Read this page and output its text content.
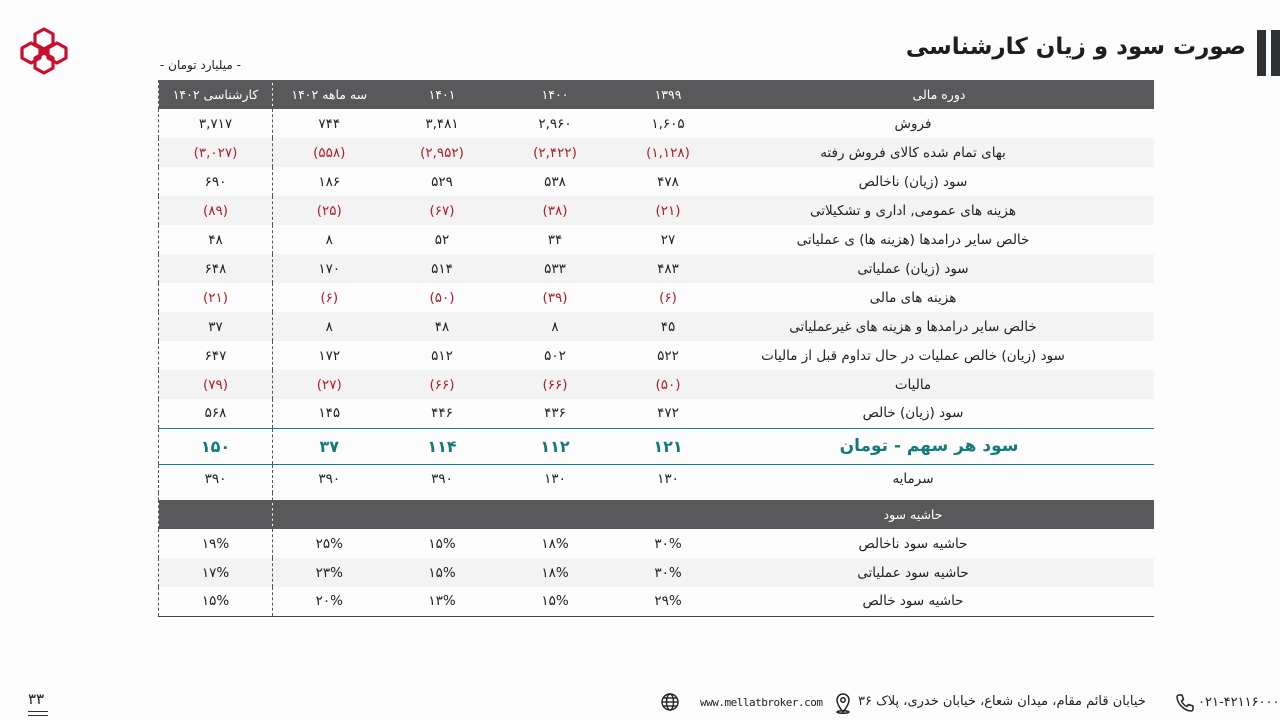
صورت سود و زیان کارشناسی
- میلیارد تومان -
کارشناسی ۱۴۰۲	سه ماهه ۱۴۰۲	۱۴۰۱	۱۴۰۰	۱۳۹۹	دوره مالی
۳,۷۱۷	۷۴۴	۳,۴۸۱	۲,۹۶۰	۱,۶۰۵	فروش
(۳,۰۲۷)	(۵۵۸)	(۲,۹۵۲)	(۲,۴۲۲)	(۱,۱۲۸)	بهای تمام شده کالای فروش رفته
۶۹۰	۱۸۶	۵۲۹	۵۳۸	۴۷۸	سود (زیان) ناخالص
(۸۹)	(۲۵)	(۶۷)	(۳۸)	(۲۱)	هزینه های عمومی, اداری و تشکیلاتی
۴۸	۸	۵۲	۳۴	۲۷	خالص سایر درامدها (هزینه ها) ی عملیاتی
۶۴۸	۱۷۰	۵۱۴	۵۳۳	۴۸۳	سود (زیان) عملیاتی
(۲۱)	(۶)	(۵۰)	(۳۹)	(۶)	هزینه های مالی
۳۷	۸	۴۸	۸	۴۵	خالص سایر درامدها و هزینه های غیرعملیاتی
۶۴۷	۱۷۲	۵۱۲	۵۰۲	۵۲۲	سود (زیان) خالص عملیات در حال تداوم قبل از مالیات
(۷۹)	(۲۷)	(۶۶)	(۶۶)	(۵۰)	مالیات
۵۶۸	۱۴۵	۴۴۶	۴۳۶	۴۷۲	سود (زیان) خالص
۱۵۰	۳۷	۱۱۴	۱۱۲	۱۲۱	سود هر سهم - تومان
۳۹۰	۳۹۰	۳۹۰	۱۳۰	۱۳۰	سرمایه

					حاشیه سود
۱۹%	۲۵%	۱۵%	۱۸%	۳۰%	حاشیه سود ناخالص
۱۷%	۲۳%	۱۵%	۱۸%	۳۰%	حاشیه سود عملیاتی
۱۵%	۲۰%	۱۳%	۱۵%	۲۹%	حاشیه سود خالص
۳۳	www.mellatbroker.com	خیابان قائم مقام، میدان شعاع، خیابان خدری، پلاک ۳۶	۰۲۱-۴۲۱۱۶۰۰۰
